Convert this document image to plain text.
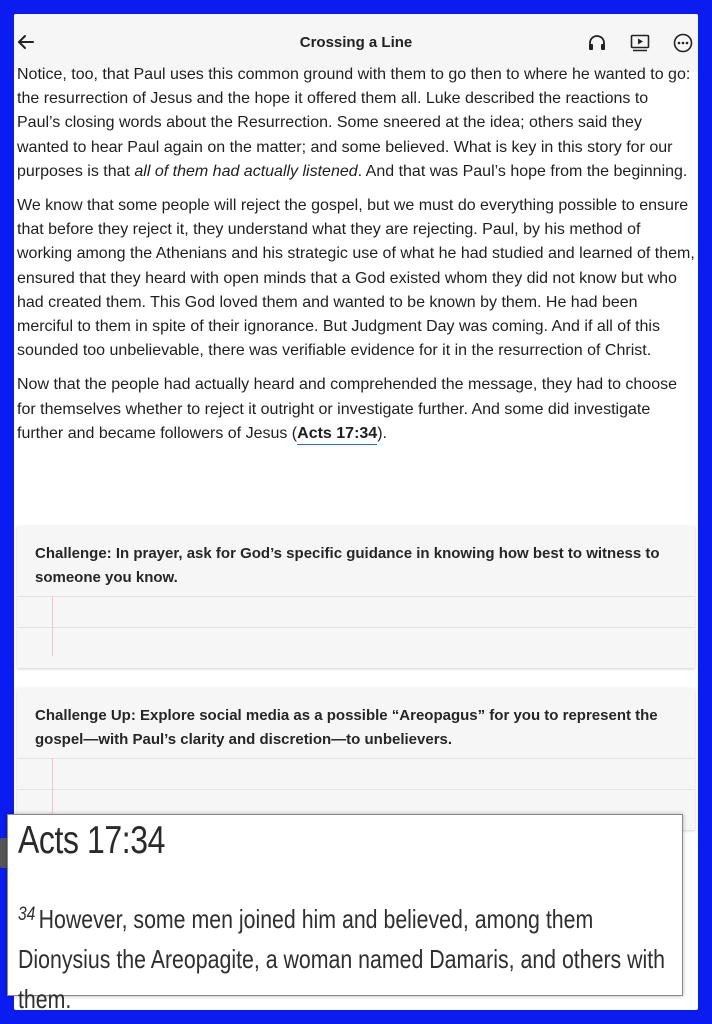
Crossing a Line

Notice, too, that Paul uses this common ground with them to go then to where he wanted to go: the resurrection of Jesus and the hope it offered them all. Luke described the reactions to Paul’s closing words about the Resurrection. Some sneered at the idea; others said they wanted to hear Paul again on the matter; and some believed. What is key in this story for our purposes is that all of them had actually listened. And that was Paul’s hope from the beginning.

We know that some people will reject the gospel, but we must do everything possible to ensure that before they reject it, they understand what they are rejecting. Paul, by his method of working among the Athenians and his strategic use of what he had studied and learned of them, ensured that they heard with open minds that a God existed whom they did not know but who had created them. This God loved them and wanted to be known by them. He had been merciful to them in spite of their ignorance. But Judgment Day was coming. And if all of this sounded too unbelievable, there was verifiable evidence for it in the resurrection of Christ.

Now that the people had actually heard and comprehended the message, they had to choose for themselves whether to reject it outright or investigate further. And some did investigate further and became followers of Jesus (Acts 17:34).

Challenge: In prayer, ask for God’s specific guidance in knowing how best to witness to someone you know.
Challenge Up: Explore social media as a possible “Areopagus” for you to represent the gospel—with Paul’s clarity and discretion—to unbelievers.
Acts 17:34
$^{34}$ However, some men joined him and believed, among them Dionysius the Areopagite, a woman named Damaris, and others with them.
